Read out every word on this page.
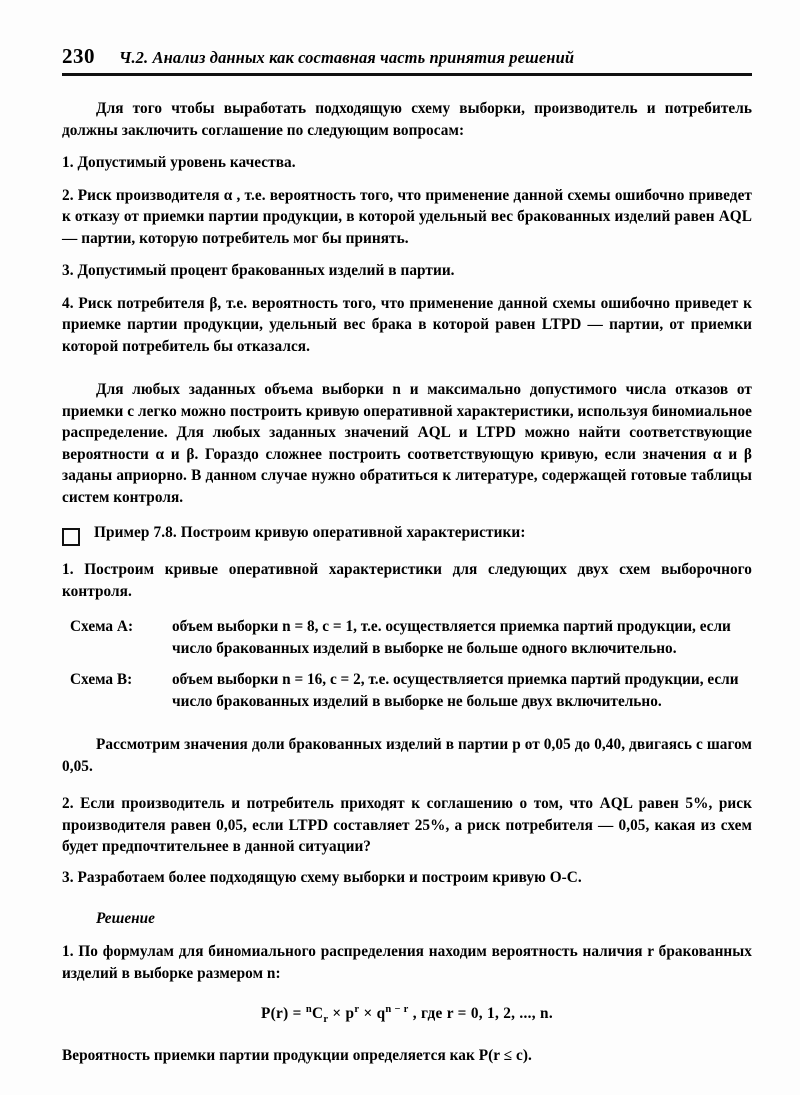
230 Ч.2. Анализ данных как составная часть принятия решений

Для того чтобы выработать подходящую схему выборки, производитель и потребитель должны заключить соглашение по следующим вопросам:

1. Допустимый уровень качества.

2. Риск производителя α , т.е. вероятность того, что применение данной схемы ошибочно приведет к отказу от приемки партии продукции, в которой удельный вес бракованных изделий равен AQL — партии, которую потребитель мог бы принять.

3. Допустимый процент бракованных изделий в партии.

4. Риск потребителя β, т.е. вероятность того, что применение данной схемы ошибочно приведет к приемке партии продукции, удельный вес брака в которой равен LTPD — партии, от приемки которой потребитель бы отказался.

Для любых заданных объема выборки n и максимально допустимого числа отказов от приемки с легко можно построить кривую оперативной характеристики, используя биномиальное распределение. Для любых заданных значений AQL и LTPD можно найти соответствующие вероятности α и β. Гораздо сложнее построить соответствующую кривую, если значения α и β заданы априорно. В данном случае нужно обратиться к литературе, содержащей готовые таблицы систем контроля.

Пример 7.8. Построим кривую оперативной характеристики:

1. Построим кривые оперативной характеристики для следующих двух схем выборочного контроля.

Схема A:	объем выборки n = 8, с = 1, т.е. осуществляется приемка партий продукции, если число бракованных изделий в выборке не больше одного включительно.
Схема B:	объем выборки n = 16, с = 2, т.е. осуществляется приемка партий продукции, если число бракованных изделий в выборке не больше двух включительно.

Рассмотрим значения доли бракованных изделий в партии p от 0,05 до 0,40, двигаясь с шагом 0,05.

2. Если производитель и потребитель приходят к соглашению о том, что AQL равен 5%, риск производителя равен 0,05, если LTPD составляет 25%, а риск потребителя — 0,05, какая из схем будет предпочтительнее в данной ситуации?

3. Разработаем более подходящую схему выборки и построим кривую О-С.

Решение

1. По формулам для биномиального распределения находим вероятность наличия r бракованных изделий в выборке размером n:

$P(r) = ^nC_r \times p^r \times q^{n - r}$ , где r = 0, 1, 2, ..., n.

Вероятность приемки партии продукции определяется как P(r ≤ c).
